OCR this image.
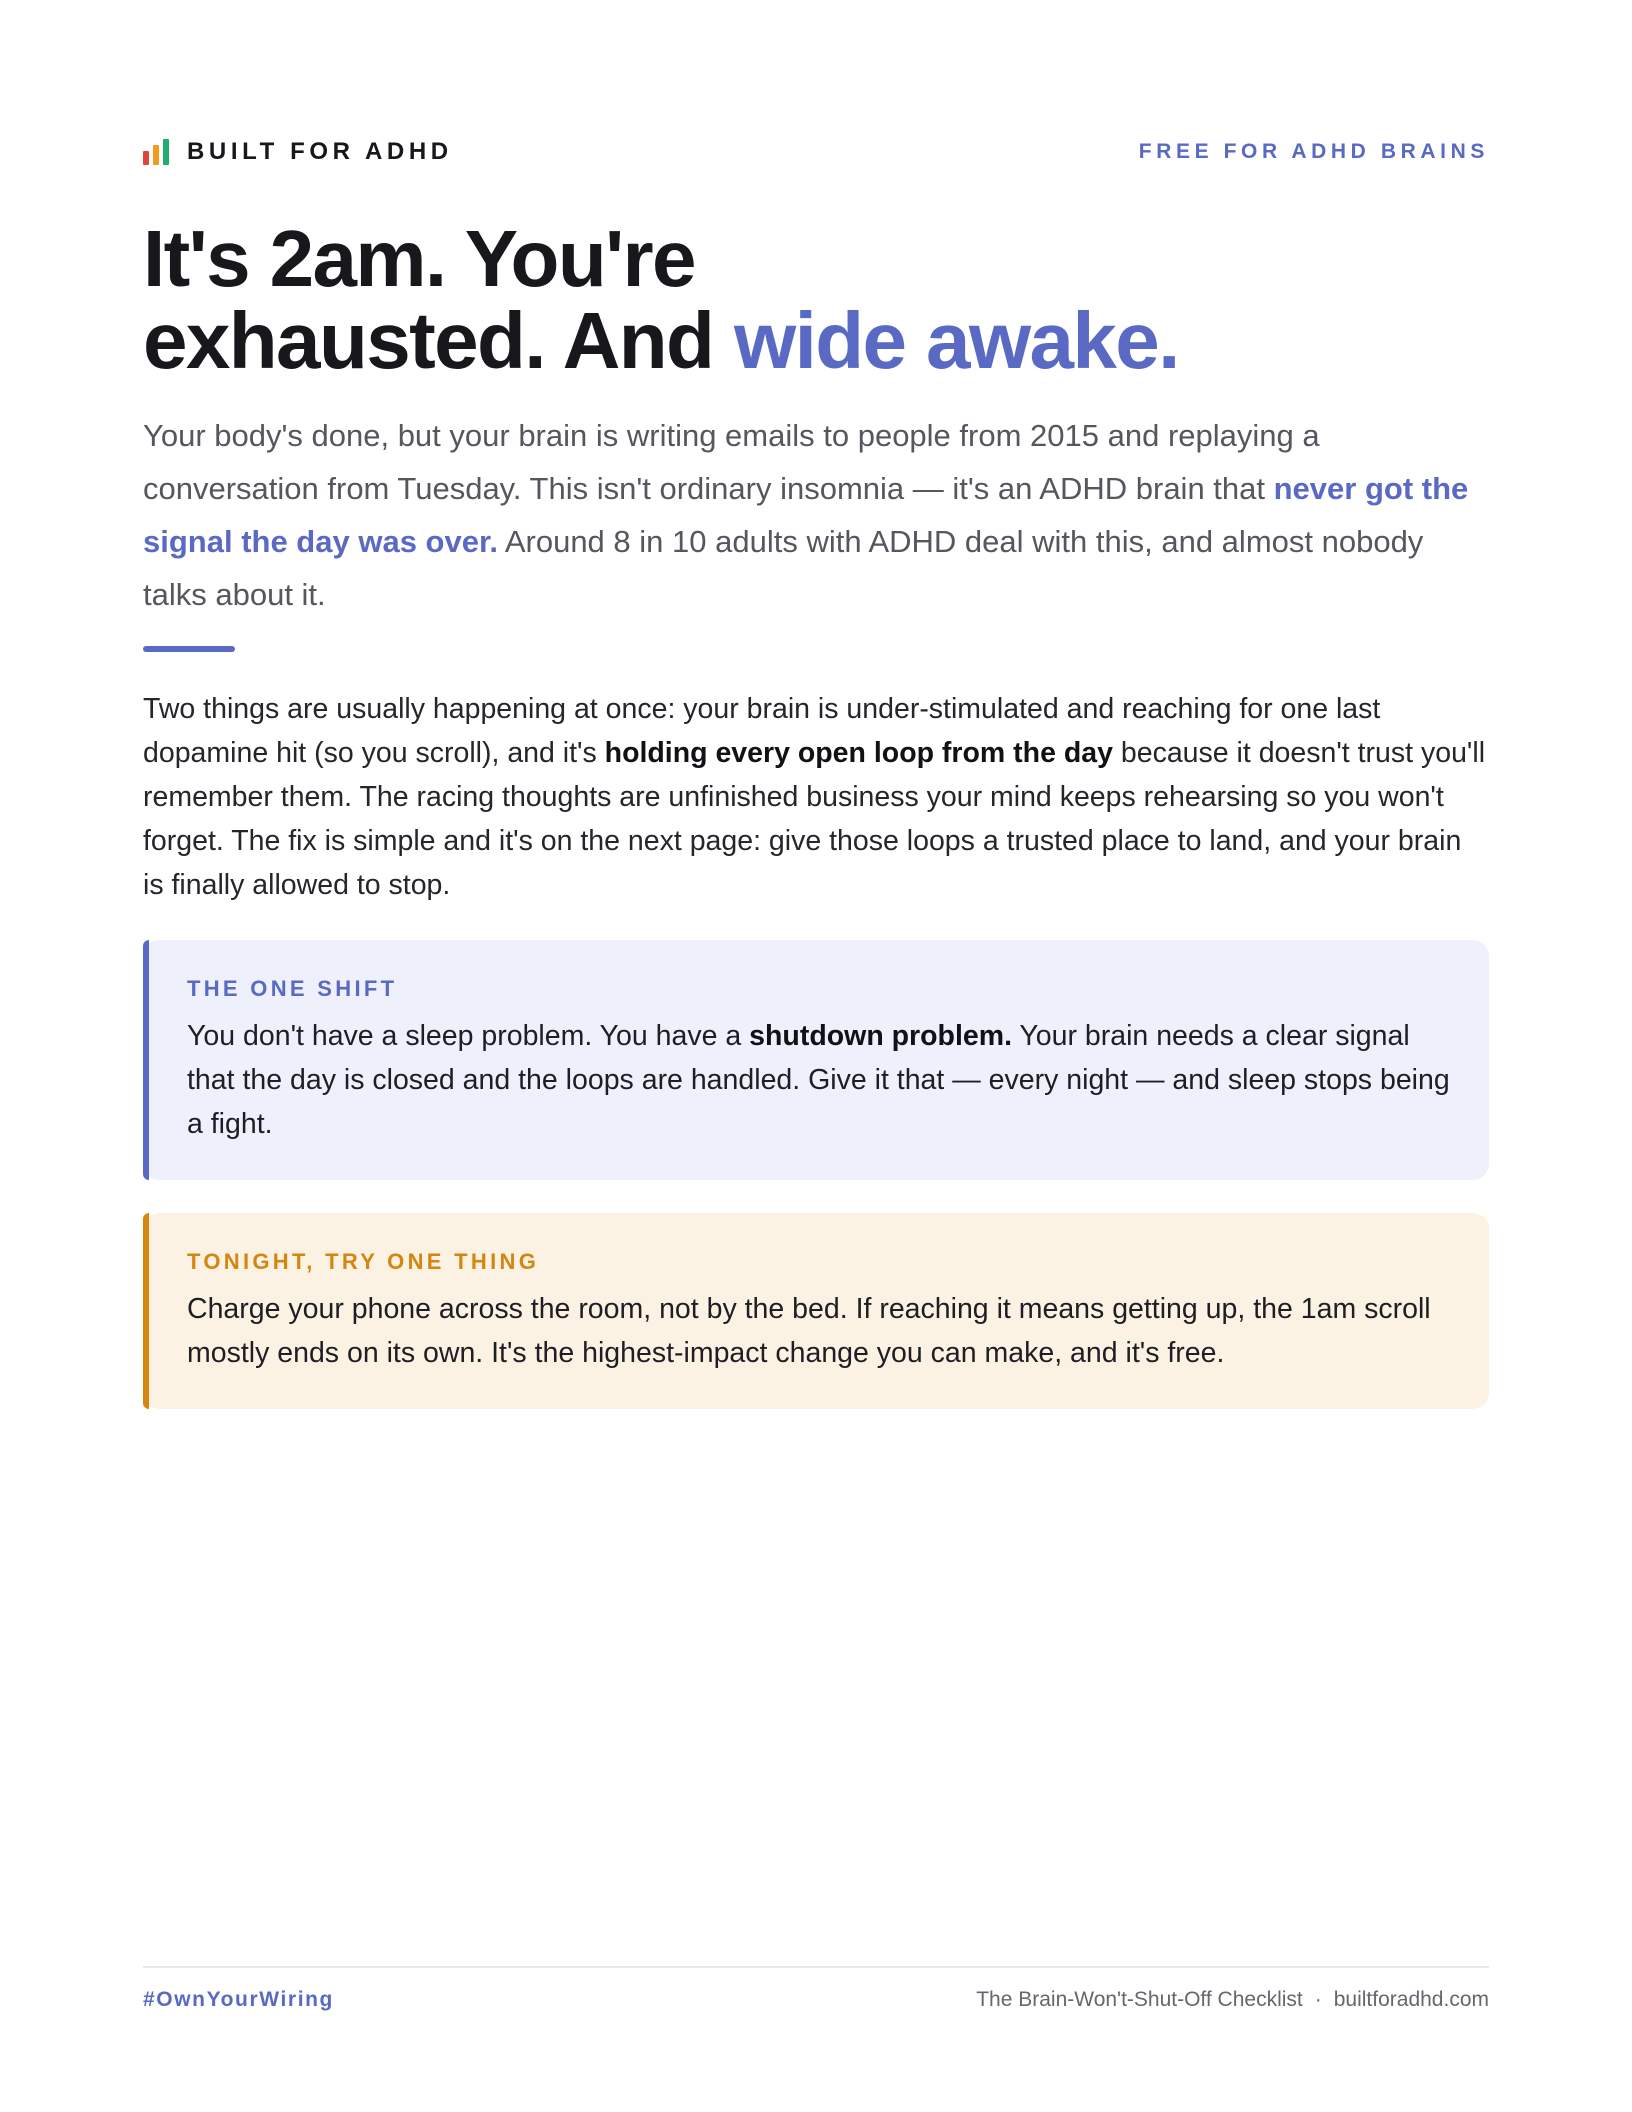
BUILT FOR ADHD	FREE FOR ADHD BRAINS
It's 2am. You're
exhausted. And wide awake.

Your body's done, but your brain is writing emails to people from 2015 and replaying a conversation from Tuesday. This isn't ordinary insomnia — it's an ADHD brain that never got the signal the day was over. Around 8 in 10 adults with ADHD deal with this, and almost nobody talks about it.

Two things are usually happening at once: your brain is under-stimulated and reaching for one last dopamine hit (so you scroll), and it's holding every open loop from the day because it doesn't trust you'll remember them. The racing thoughts are unfinished business your mind keeps rehearsing so you won't forget. The fix is simple and it's on the next page: give those loops a trusted place to land, and your brain is finally allowed to stop.

THE ONE SHIFT

You don't have a sleep problem. You have a shutdown problem. Your brain needs a clear signal that the day is closed and the loops are handled. Give it that — every night — and sleep stops being a fight.

TONIGHT, TRY ONE THING

Charge your phone across the room, not by the bed. If reaching it means getting up, the 1am scroll mostly ends on its own. It's the highest-impact change you can make, and it's free.

#OwnYourWiring	The Brain-Won't-Shut-Off Checklist · builtforadhd.com
